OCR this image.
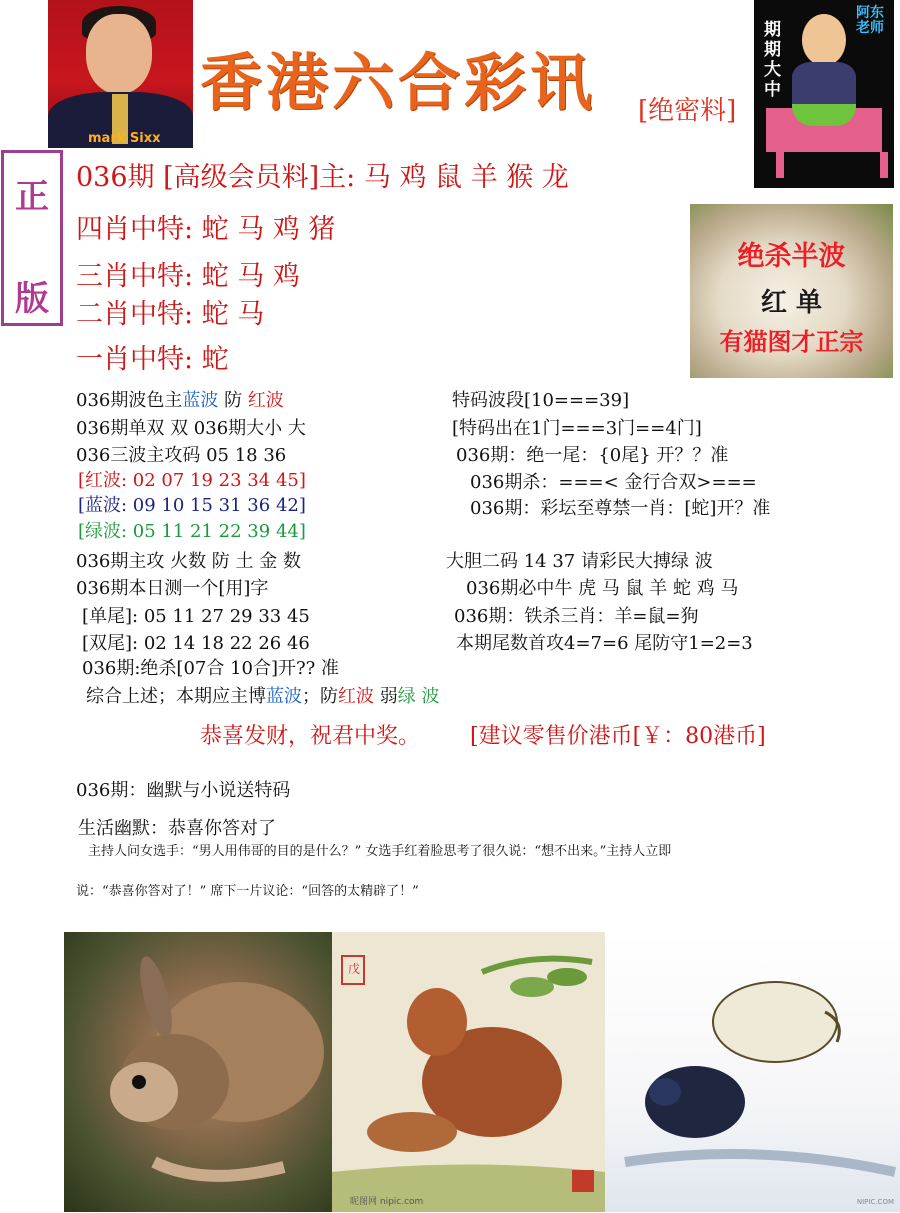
mark Sixx
香港六合彩讯 [绝密料]
期期大中
阿东老师
正
版
036期 [高级会员料]主: 马 鸡 鼠 羊 猴 龙
四肖中特: 蛇 马 鸡 猪
三肖中特: 蛇 马 鸡
二肖中特: 蛇 马
一肖中特: 蛇
绝杀半波
红 单
有猫图才正宗
036期波色主蓝波 防 红波
036期单双 双 036期大小 大
036三波主攻码 05 18 36
[红波: 02 07 19 23 34 45]
[蓝波: 09 10 15 31 36 42]
[绿波: 05 11 21 22 39 44]
036期主攻 火数 防 土 金 数
036期本日测一个[用]字
[单尾]: 05 11 27 29 33 45
[双尾]: 02 14 18 22 26 46
036期:绝杀[07合 10合]开?? 准
综合上述；本期应主博蓝波；防红波 弱绿 波
特码波段[10===39]
[特码出在1门===3门==4门]
036期：绝一尾：{0尾} 开？？准
036期杀：===< 金行合双>===
036期：彩坛至尊禁一肖：[蛇]开？准
大胆二码 14 37 请彩民大搏绿 波
036期必中牛 虎 马 鼠 羊 蛇 鸡 马
036期：铁杀三肖：羊=鼠=狗
本期尾数首攻4=7=6 尾防守1=2=3
恭喜发财，祝君中奖。 [建议零售价港币[￥：80港币]
036期：幽默与小说送特码
生活幽默：恭喜你答对了
主持人问女选手：“男人用伟哥的目的是什么？” 女选手红着脸思考了很久说：“想不出来。”主持人立即
说：“恭喜你答对了！” 席下一片议论：“回答的太精辟了！”
昵图网 nipic.com
戊
NIPIC.COM
